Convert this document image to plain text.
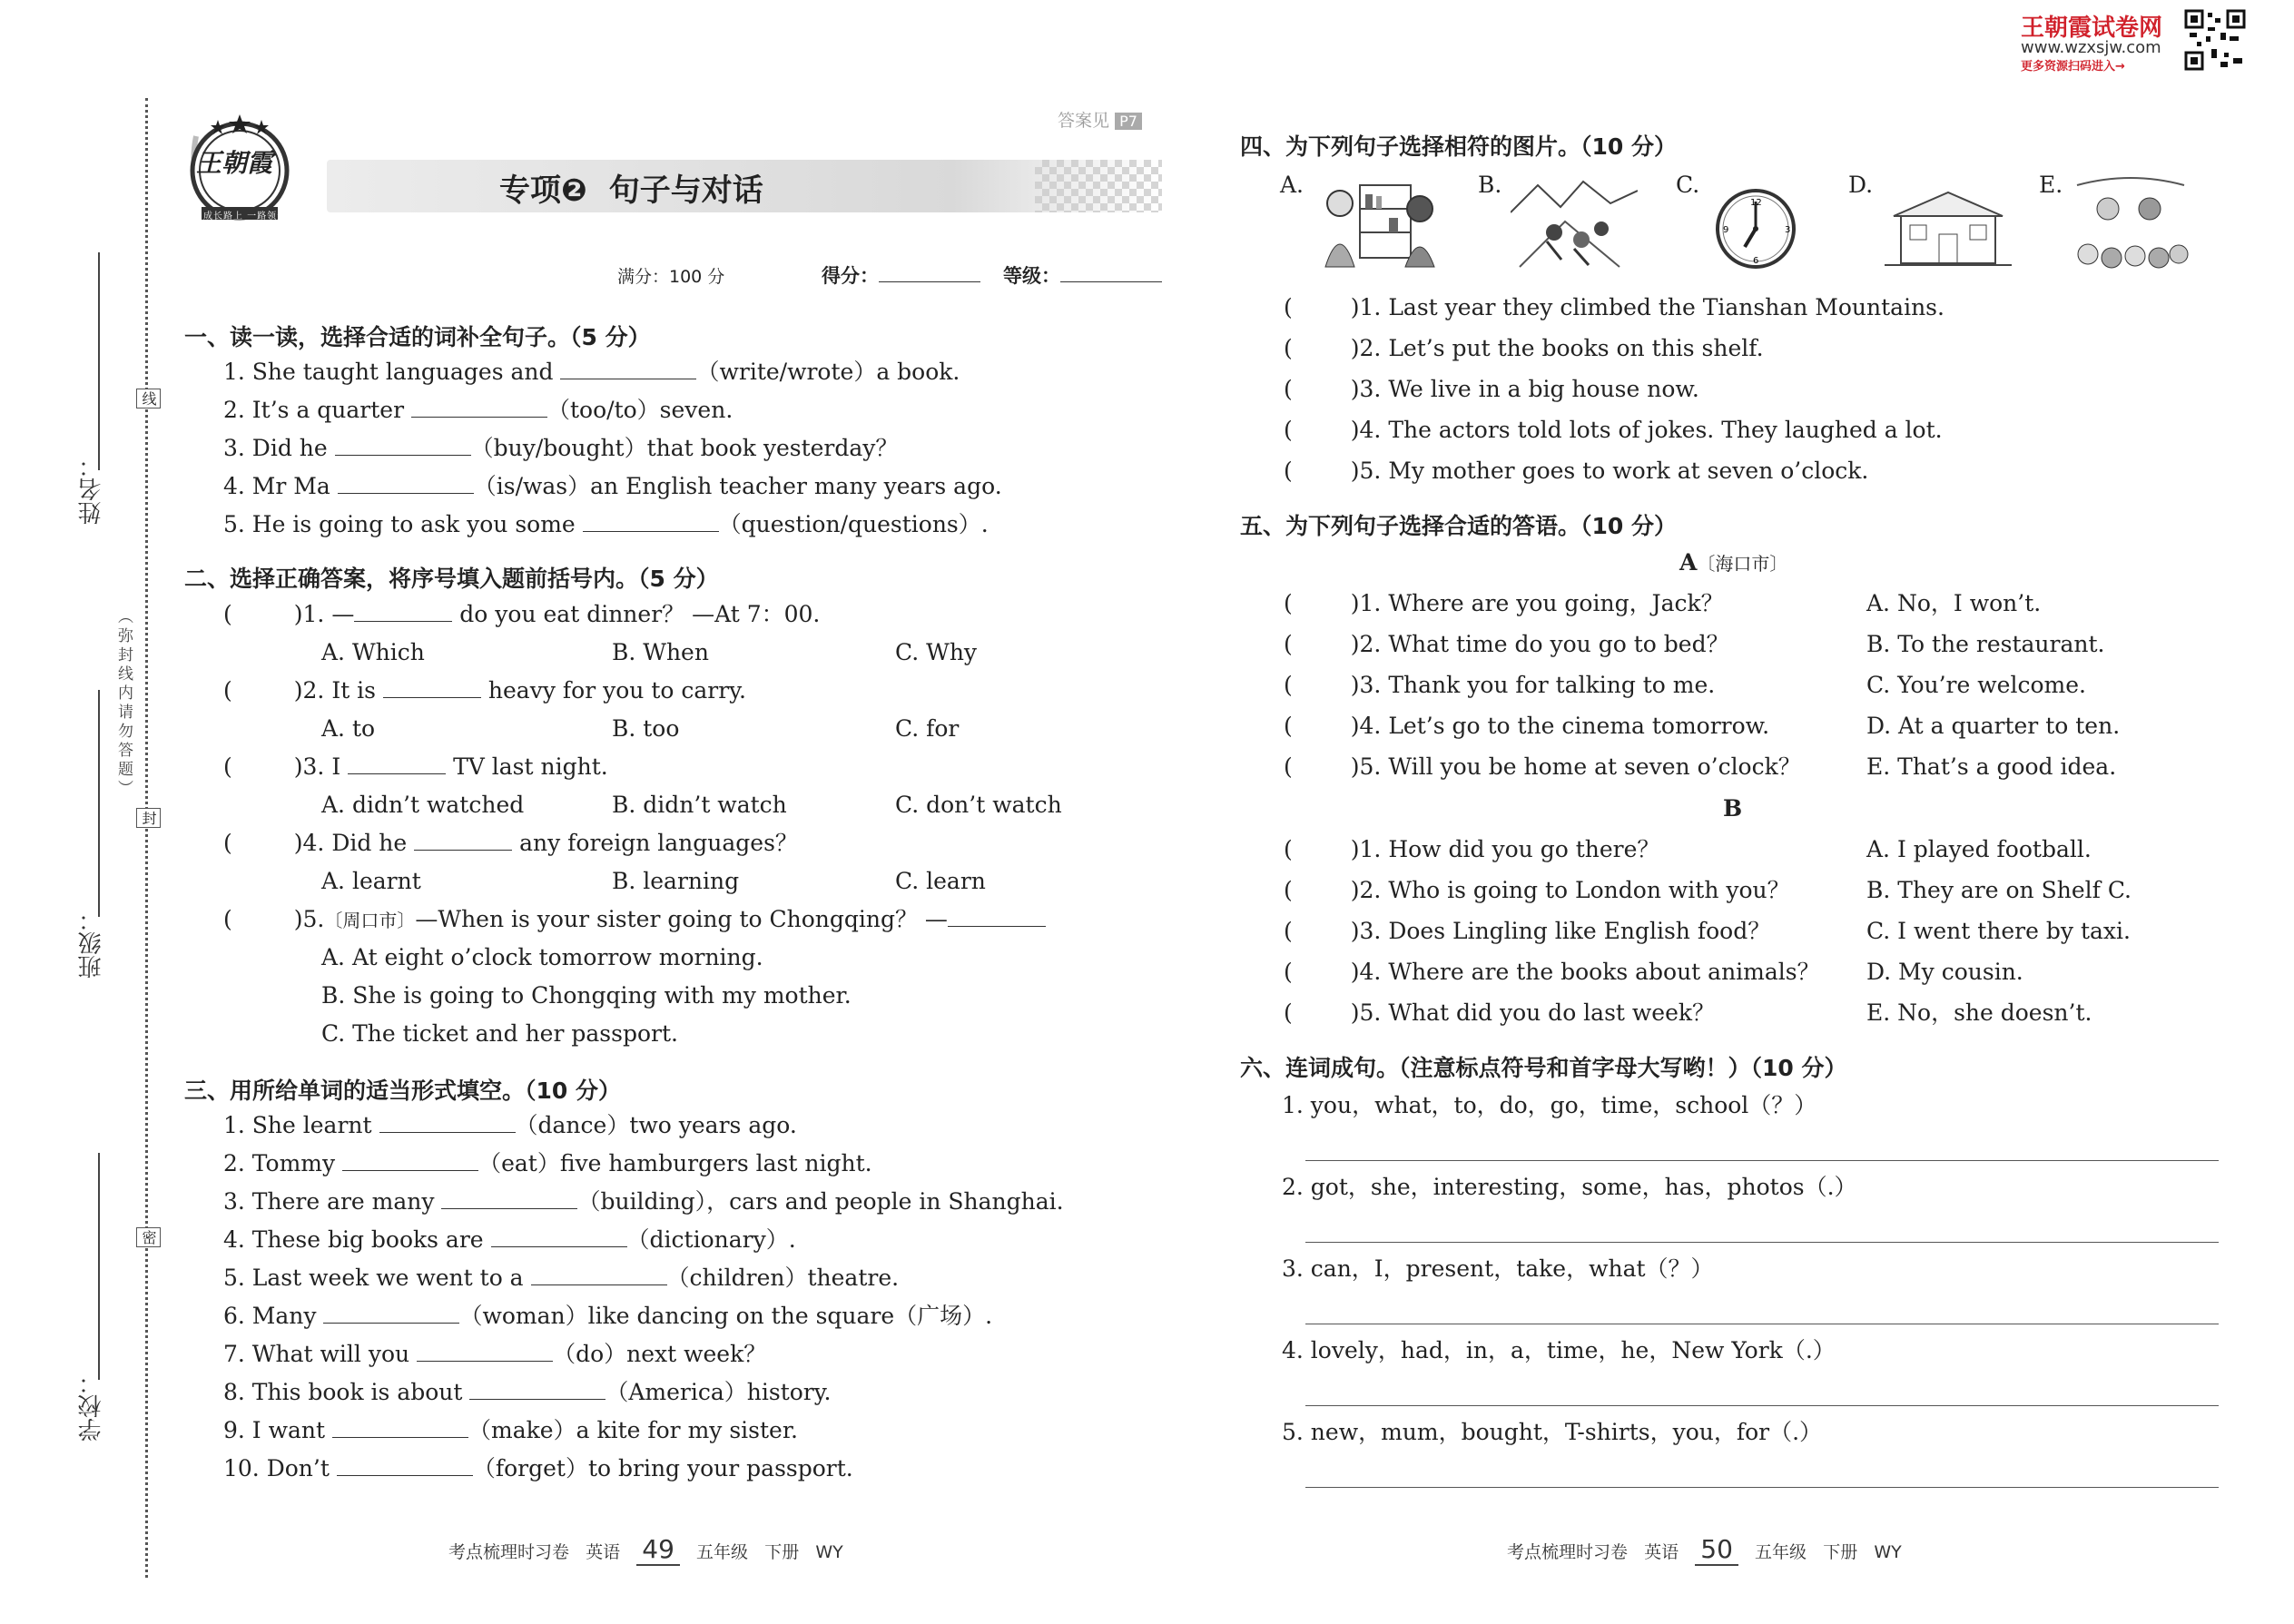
王朝霞试卷网
www.wzxsjw.com
更多资源扫码进入→
姓名：
班级：
学校：
（弥封线内请勿答题）
线
封
密
王朝霞
成长路上 一路领先
答案见 P7
专项❷ 句子与对话
满分：100 分	得分：	等级：
一、读一读，选择合适的词补全句子。（5 分）
1. She taught languages and	（write/wrote）a book.
2. It’s a quarter	（too/to）seven.
3. Did he	（buy/bought）that book yesterday？
4. Mr Ma	（is/was）an English teacher many years ago.
5. He is going to ask you some	（question/questions）.
二、选择正确答案，将序号填入题前括号内。（5 分）
(	)1. —	do you eat dinner？ —At 7：00.
A. Which	B. When	C. Why
(	)2. It is	heavy for you to carry.
A. to	B. too	C. for
(	)3. I	TV last night.
A. didn’t watched	B. didn’t watch	C. don’t watch
(	)4. Did he	any foreign languages？
A. learnt	B. learning	C. learn
(	)5.〔周口市〕—When is your sister going to Chongqing？ —
A. At eight o’clock tomorrow morning.
B. She is going to Chongqing with my mother.
C. The ticket and her passport.
三、用所给单词的适当形式填空。（10 分）
1. She learnt	（dance）two years ago.
2. Tommy	（eat）five hamburgers last night.
3. There are many	（building），cars and people in Shanghai.
4. These big books are	（dictionary）.
5. Last week we went to a	（children）theatre.
6. Many	（woman）like dancing on the square（广场）.
7. What will you	（do）next week？
8. This book is about	（America）history.
9. I want	（make）a kite for my sister.
10. Don’t	（forget）to bring your passport.
考点梳理时习卷 英语 49 五年级 下册 WY
四、为下列句子选择相符的图片。（10 分）
A.	B.	C.
12
3
6
9
D.	E.
(	)1. Last year they climbed the Tianshan Mountains.
(	)2. Let’s put the books on this shelf.
(	)3. We live in a big house now.
(	)4. The actors told lots of jokes. They laughed a lot.
(	)5. My mother goes to work at seven o’clock.
五、为下列句子选择合适的答语。（10 分）
A〔海口市〕
(	)1. Where are you going，Jack？	A. No，I won’t.
(	)2. What time do you go to bed？	B. To the restaurant.
(	)3. Thank you for talking to me.	C. You’re welcome.
(	)4. Let’s go to the cinema tomorrow.	D. At a quarter to ten.
(	)5. Will you be home at seven o’clock？	E. That’s a good idea.
B
(	)1. How did you go there？	A. I played football.
(	)2. Who is going to London with you？	B. They are on Shelf C.
(	)3. Does Lingling like English food？	C. I went there by taxi.
(	)4. Where are the books about animals？ D. My cousin.
(	)5. What did you do last week？	E. No，she doesn’t.
六、连词成句。（注意标点符号和首字母大写哟！）（10 分）
1. you，what，to，do，go，time，school（？）
2. got，she，interesting，some，has，photos（.）
3. can，I，present，take，what（？）
4. lovely，had，in，a，time，he，New York（.）
5. new，mum，bought，T-shirts，you，for（.）
考点梳理时习卷 英语 50 五年级 下册 WY
